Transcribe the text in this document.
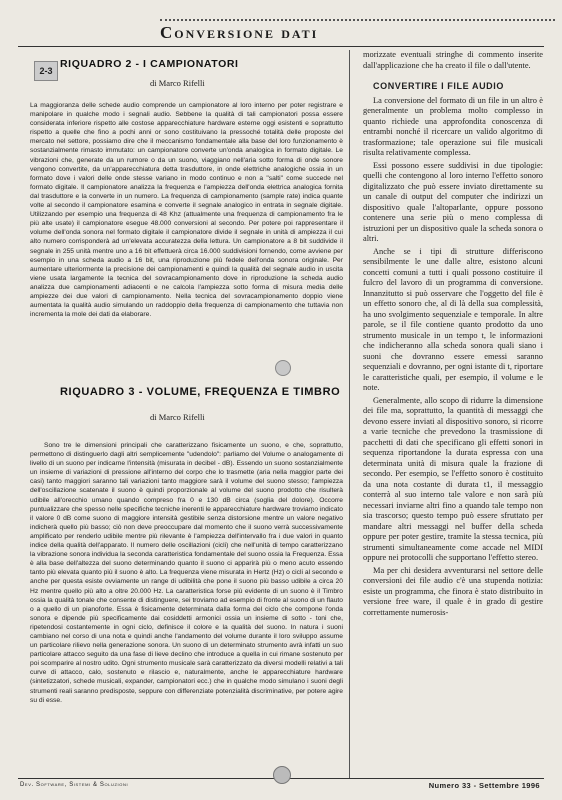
Conversione dati
2-3
RIQUADRO 2 - I CAMPIONATORI
di Marco Rifelli

La maggioranza delle schede audio comprende un campionatore al loro interno per poter registrare e manipolare in qualche modo i segnali audio. Sebbene la qualità di tali campionatori possa essere considerata inferiore rispetto alle costose apparecchiature hardware esterne oggi esistenti e soprattutto rispetto a quelle che fino a pochi anni or sono costituivano la pressoché totalità delle proposte del mercato nel settore, possiamo dire che il meccanismo fondamentale alla base del loro funzionamento è sostanzialmente rimasto immutato: un campionatore converte un'onda analogica in formato digitale. Le vibrazioni che, generate da un rumore o da un suono, viaggiano nell'aria sotto forma di onde sonore vengono convertite, da un'apparecchiatura detta trasduttore, in onde elettriche analogiche ossia in un formato dove i valori delle onde stesse variano in modo continuo e non a "salti" come succede nel formato digitale. Il campionatore analizza la frequenza e l'ampiezza dell'onda elettrica analogica fornita dal trasduttore e la converte in un numero. La frequenza di campionamento (sample rate) indica quante volte al secondo il campionatore esamina e converte il segnale analogico in entrata in segnale digitale. Utilizzando per esempio una frequenza di 48 Khz (attualmente una frequenza di campionamento fra le più alte usate) il campionatore esegue 48.000 conversioni al secondo. Per potere poi rappresentare il volume dell'onda sonora nel formato digitale il campionatore divide il segnale in unità di ampiezza il cui alto numero corrisponderà ad un'elevata accuratezza della lettura. Un campionatore a 8 bit suddivide il segnale in 255 unità mentre uno a 16 bit effettuerà circa 16.000 suddivisioni fornendo, come avviene per esempio in una scheda audio a 16 bit, una riproduzione più fedele dell'onda sonora originale. Per aumentare ulteriormente la precisione dei campionamenti e quindi la qualità del segnale audio in uscita viene usata largamente la tecnica del sovracampionamento dove in riproduzione la scheda audio analizza due campionamenti adiacenti e ne calcola l'ampiezza sotto forma di misura media delle ampiezze dei due valori di campionamento. Nella tecnica del sovracampionamento doppio viene aumentata la qualità audio simulando un raddoppio della frequenza di campionamento che tuttavia non incrementa la mole dei dati da elaborare.

RIQUADRO 3 - VOLUME, FREQUENZA E TIMBRO
di Marco Rifelli

Sono tre le dimensioni principali che caratterizzano fisicamente un suono, e che, soprattutto, permettono di distinguerlo dagli altri semplicemente "udendolo": parliamo del Volume o analogamente di livello di un suono per indicarne l'intensità (misurata in decibel - dB). Essendo un suono sostanzialmente un insieme di variazioni di pressione all'interno del corpo che lo trasmette (aria nella maggior parte dei casi) tanto maggiori saranno tali variazioni tanto maggiore sarà il volume del suono stesso; l'ampiezza dell'oscillazione scatenate il suono è quindi proporzionale al volume del suono prodotto che risulterà udibile all'orecchio umano quando compreso fra 0 e 130 dB circa (soglia del dolore). Occorre puntualizzare che spesso nelle specifiche tecniche inerenti le apparecchiature hardware troviamo indicato il valore 0 dB come suono di maggiore intensità gestibile senza distorsione mentre un valore negativo indicherà quello più basso; ciò non deve preoccupare dal momento che il suono verrà successivamente amplificato per renderlo udibile mentre più rilevante è l'ampiezza dell'intervallo fra i due valori in quanto indice della qualità dell'apparato. Il numero delle oscillazioni (cicli) che nell'unità di tempo caratterizzano la vibrazione sonora individua la seconda caratteristica fondamentale del suono ossia la Frequenza. Essa è alla base dell'altezza del suono determinando quanto il suono ci apparirà più o meno acuto essendo tanto più elevata quanto più il suono è alto. La frequenza viene misurata in Hertz (Hz) o cicli al secondo e anche per questa esiste ovviamente un range di udibilità che pone il suono più basso udibile a circa 20 Hz mentre quello più alto a oltre 20.000 Hz. La caratteristica forse più evidente di un suono è il Timbro ossia la qualità tonale che consente di distinguere, sei troviamo ad esempio di fronte al suono di un flauto o a quello di un pianoforte. Essa è fisicamente determinata dalla forma del ciclo che compone l'onda sonora e dipende più specificamente dai cosiddetti armonici ossia un insieme di sotto - toni che, ripetendosi costantemente in ogni ciclo, definisce il colore e la qualità del suono. In natura i suoni cambiano nel corso di una nota e quindi anche l'andamento del volume durante il loro sviluppo assume un particolare rilievo nella generazione sonora. Un suono di un determinato strumento avrà infatti un suo particolare attacco seguito da una fase di lieve declino che introduce a quella in cui rimane sostenuto per poi scomparire al nostro udito. Ogni strumento musicale sarà caratterizzato da diversi modelli relativi a tali curve di attacco, calo, sostenuto e rilascio e, naturalmente, anche le apparecchiature hardware (sintetizzatori, schede musicali, expander, campionatori ecc.) che in qualche modo simulano i suoni degli strumenti reali saranno predisposte, seppure con differenziate potenzialità discriminative, per potere agire su di esse.

morizzate eventuali stringhe di commento inserite dall'applicazione che ha creato il file o dall'utente.

CONVERTIRE I FILE AUDIO

La conversione del formato di un file in un altro è generalmente un problema molto complesso in quanto richiede una approfondita conoscenza di entrambi nonché il ricercare un valido algoritmo di trasformazione; tale operazione sui file musicali risulta relativamente complessa.

Essi possono essere suddivisi in due tipologie: quelli che contengono al loro interno l'effetto sonoro digitalizzato che può essere inviato direttamente su un canale di output del computer che indirizzi un dispositivo quale l'altoparlante, oppure possono contenere una serie più o meno complessa di istruzioni per un dispositivo quale la scheda sonora o altri.

Anche se i tipi di strutture differiscono sensibilmente le une dalle altre, esistono alcuni concetti comuni a tutti i quali possono costituire il fulcro del lavoro di un programma di conversione. Innanzitutto si può osservare che l'oggetto del file è un effetto sonoro che, al di là della sua complessità, ha uno svolgimento sequenziale e temporale. In altre parole, se il file contiene quanto prodotto da uno strumento musicale in un tempo t, le informazioni che indicheranno alla scheda sonora quali siano i suoni che dovranno essere emessi saranno sequenziali e dovranno, per ogni istante di t, riportare le caratteristiche quali, per esempio, il volume e le note.

Generalmente, allo scopo di ridurre la dimensione dei file ma, soprattutto, la quantità di messaggi che devono essere inviati al dispositivo sonoro, si ricorre a varie tecniche che prevedono la trasmissione di pacchetti di dati che specificano gli effetti sonori in sequenza riportandone la durata espressa con una determinata unità di misura quale la frazione di secondo. Per esempio, se l'effetto sonoro è costituito da una nota costante di durata t1, il messaggio conterrà al suo interno tale valore e non sarà più necessari inviarne altri fino a quando tale tempo non sia trascorso; questo tempo può essere sfruttato per mandare altri messaggi nel buffer della scheda oppure per poter gestire, tramite la stessa tecnica, più strumenti simultaneamente come accade nel MIDI oppure nei protocolli che supportano l'effetto stereo.

Ma per chi desidera avventurarsi nel settore delle conversioni dei file audio c'è una stupenda notizia: esiste un programma, che finora è stato distribuito in versione free ware, il quale è in grado di gestire correttamente numerosis-

Dev. Software, Sistemi & Soluzioni	Numero 33 - Settembre 1996
